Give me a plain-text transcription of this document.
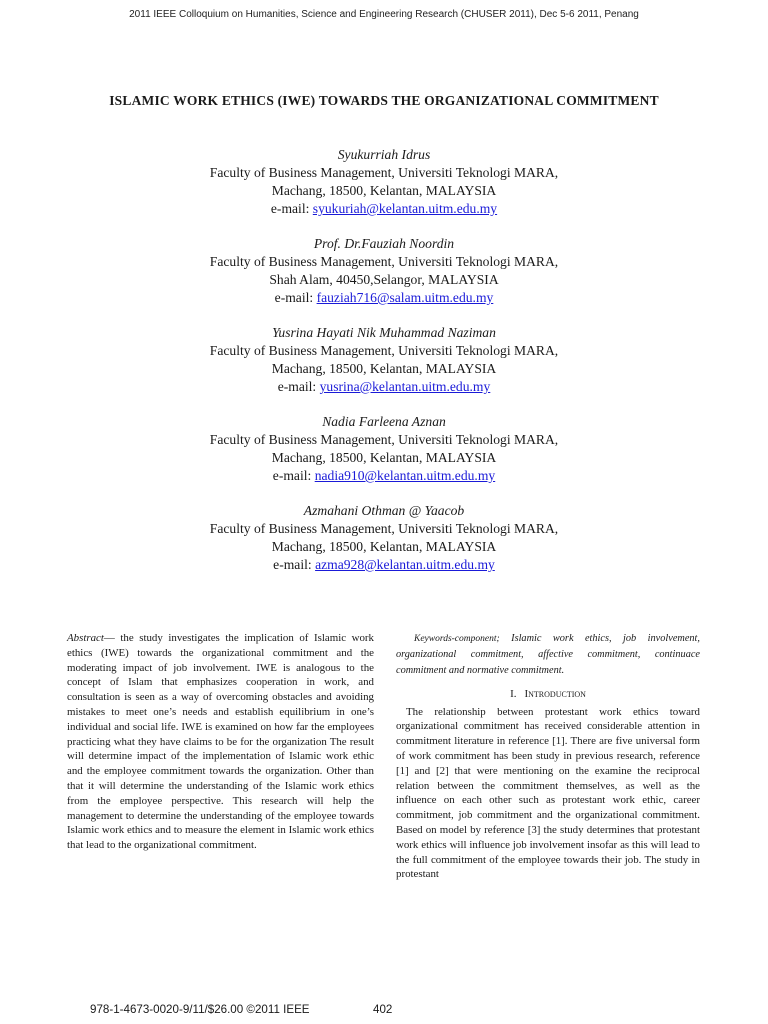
2011 IEEE Colloquium on Humanities, Science and Engineering Research (CHUSER 2011), Dec 5-6 2011, Penang
ISLAMIC WORK ETHICS (IWE) TOWARDS THE ORGANIZATIONAL COMMITMENT
Syukurriah Idrus
Faculty of Business Management, Universiti Teknologi MARA,
Machang, 18500, Kelantan, MALAYSIA
e-mail: syukuriah@kelantan.uitm.edu.my
Prof. Dr.Fauziah Noordin
Faculty of Business Management, Universiti Teknologi MARA,
Shah Alam, 40450,Selangor, MALAYSIA
e-mail: fauziah716@salam.uitm.edu.my
Yusrina Hayati Nik Muhammad Naziman
Faculty of Business Management, Universiti Teknologi MARA,
Machang, 18500, Kelantan, MALAYSIA
e-mail: yusrina@kelantan.uitm.edu.my
Nadia Farleena Aznan
Faculty of Business Management, Universiti Teknologi MARA,
Machang, 18500, Kelantan, MALAYSIA
e-mail: nadia910@kelantan.uitm.edu.my
Azmahani Othman @ Yaacob
Faculty of Business Management, Universiti Teknologi MARA,
Machang, 18500, Kelantan, MALAYSIA
e-mail: azma928@kelantan.uitm.edu.my
Abstract— the study investigates the implication of Islamic work ethics (IWE) towards the organizational commitment and the moderating impact of job involvement. IWE is analogous to the concept of Islam that emphasizes cooperation in work, and consultation is seen as a way of overcoming obstacles and avoiding mistakes to meet one’s needs and establish equilibrium in one’s individual and social life. IWE is examined on how far the employees practicing what they have claims to be for the organization The result will determine impact of the implementation of Islamic work ethic and the employee commitment towards the organization. Other than that it will determine the understanding of the Islamic work ethics from the employee perspective. This research will help the management to determine the understanding of the employee towards Islamic work ethics and to measure the element in Islamic work ethics that lead to the organizational commitment.
Keywords-component; Islamic work ethics, job involvement, organizational commitment, affective commitment, continuace commitment and normative commitment.
I. Introduction
The relationship between protestant work ethics toward organizational commitment has received considerable attention in commitment literature in reference [1]. There are five universal form of work commitment has been study in previous research, reference [1] and [2] that were mentioning on the examine the reciprocal relation between the commitment themselves, as well as the influence on each other such as protestant work ethic, career commitment, job commitment and the organizational commitment. Based on model by reference [3] the study determines that protestant work ethics will influence job involvement insofar as this will lead to the full commitment of the employee towards their job. The study in protestant
978-1-4673-0020-9/11/$26.00 ©2011 IEEE	402
